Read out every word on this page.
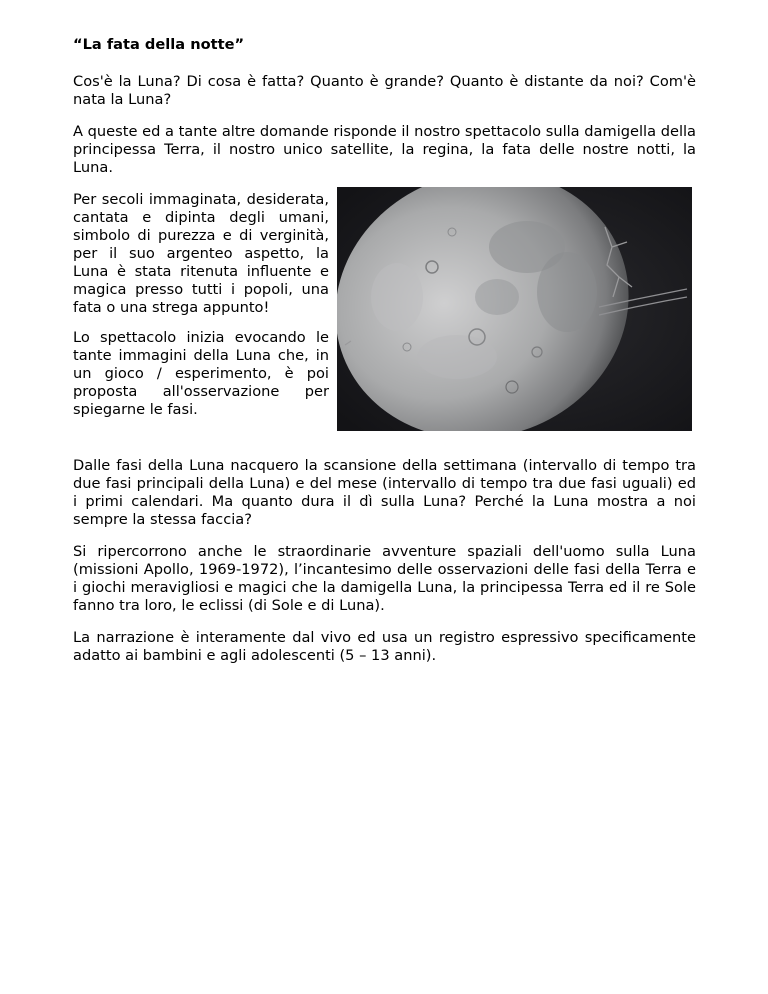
“La fata della notte”

Cos'è la Luna? Di cosa è fatta? Quanto è grande? Quanto è distante da noi? Com'è nata la Luna?

A queste ed a tante altre domande risponde il nostro spettacolo sulla damigella della principessa Terra, il nostro unico satellite, la regina, la fata delle nostre notti, la Luna.

Per secoli immaginata, desiderata, cantata e dipinta degli umani, simbolo di purezza e di verginità, per il suo argenteo aspetto, la Luna è stata ritenuta influente e magica presso tutti i popoli, una fata o una strega appunto!

Lo spettacolo inizia evocando le tante immagini della Luna che, in un gioco / esperimento, è poi proposta all'osservazione per spiegarne le fasi.

Dalle fasi della Luna nacquero la scansione della settimana (intervallo di tempo tra due fasi principali della Luna) e del mese (intervallo di tempo tra due fasi uguali) ed i primi calendari. Ma quanto dura il dì sulla Luna? Perché la Luna mostra a noi sempre la stessa faccia?

Si ripercorrono anche le straordinarie avventure spaziali dell'uomo sulla Luna (missioni Apollo, 1969-1972), l’incantesimo delle osservazioni delle fasi della Terra e i giochi meravigliosi e magici che la damigella Luna, la principessa Terra ed il re Sole fanno tra loro, le eclissi (di Sole e di Luna).

La narrazione è interamente dal vivo ed usa un registro espressivo specificamente adatto ai bambini e agli adolescenti (5 – 13 anni).
